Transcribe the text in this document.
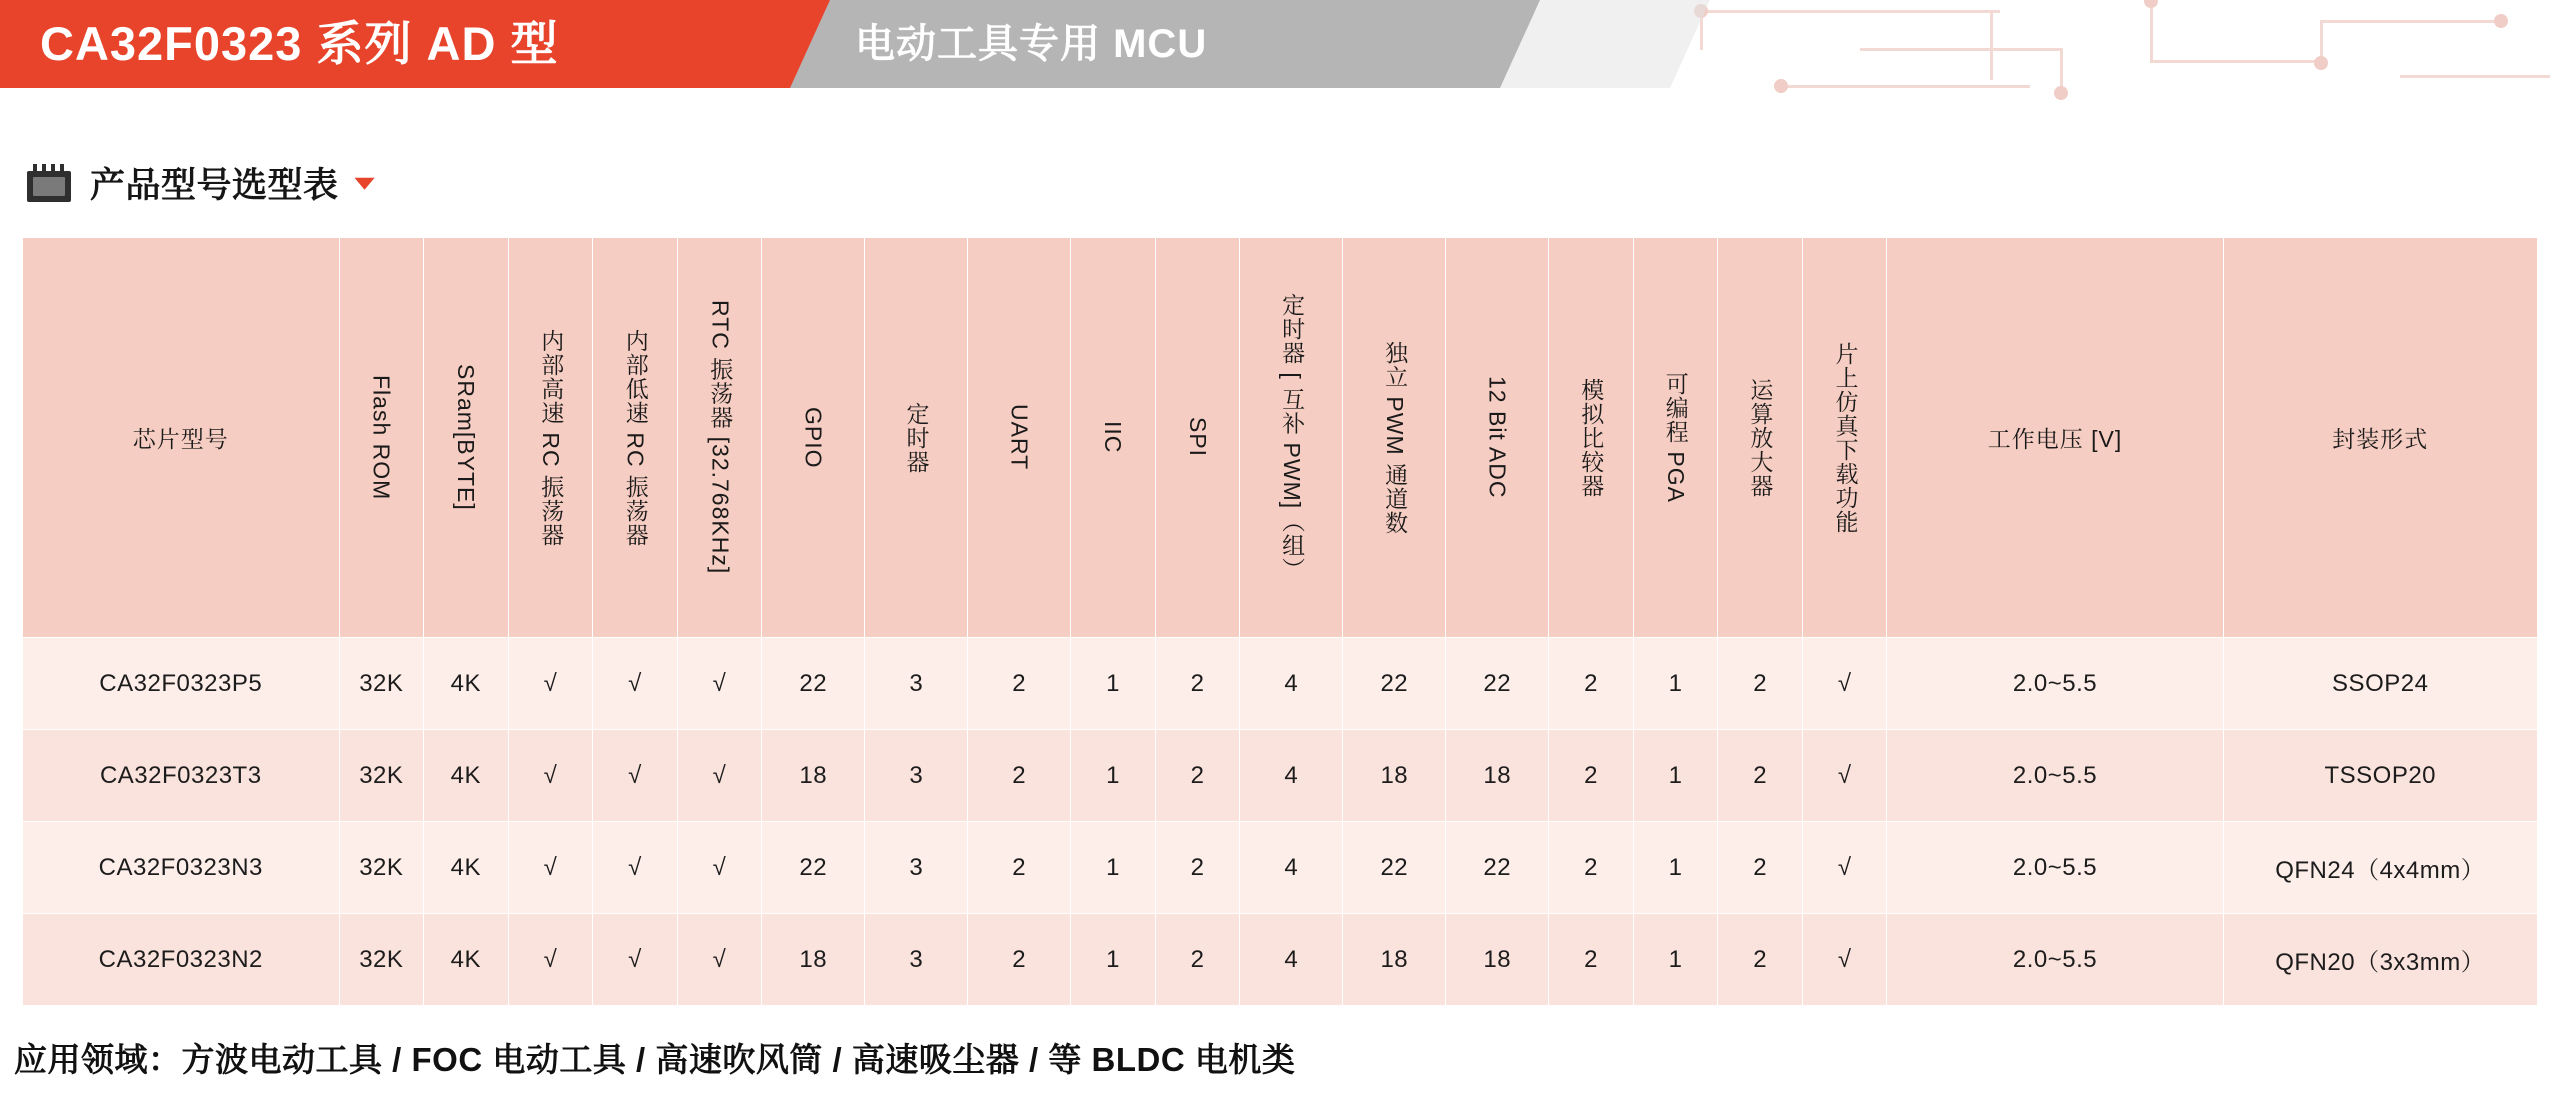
CA32F0323 系列 AD 型	电动工具专用 MCU
产品型号选型表 ▾
芯片型号	Flash ROM	SRam[BYTE]	内部高速 RC 振荡器	内部低速 RC 振荡器	RTC 振荡器 [32.768KHz]	GPIO	定时器	UART	IIC	SPI	定时器 [ 互补 PWM]（组）	独立 PWM 通道数	12 Bit ADC	模拟比较器	可编程 PGA	运算放大器	片上仿真下载功能	工作电压 [V]	封装形式

CA32F0323P5	32K	4K	√	√	√	22	3	2	1	2	4	22	22	2	1	2	√	2.0~5.5	SSOP24
CA32F0323T3	32K	4K	√	√	√	18	3	2	1	2	4	18	18	2	1	2	√	2.0~5.5	TSSOP20
CA32F0323N3	32K	4K	√	√	√	22	3	2	1	2	4	22	22	2	1	2	√	2.0~5.5	QFN24（4x4mm）
CA32F0323N2	32K	4K	√	√	√	18	3	2	1	2	4	18	18	2	1	2	√	2.0~5.5	QFN20（3x3mm）
应用领域：方波电动工具 / FOC 电动工具 / 高速吹风筒 / 高速吸尘器 / 等 BLDC 电机类
